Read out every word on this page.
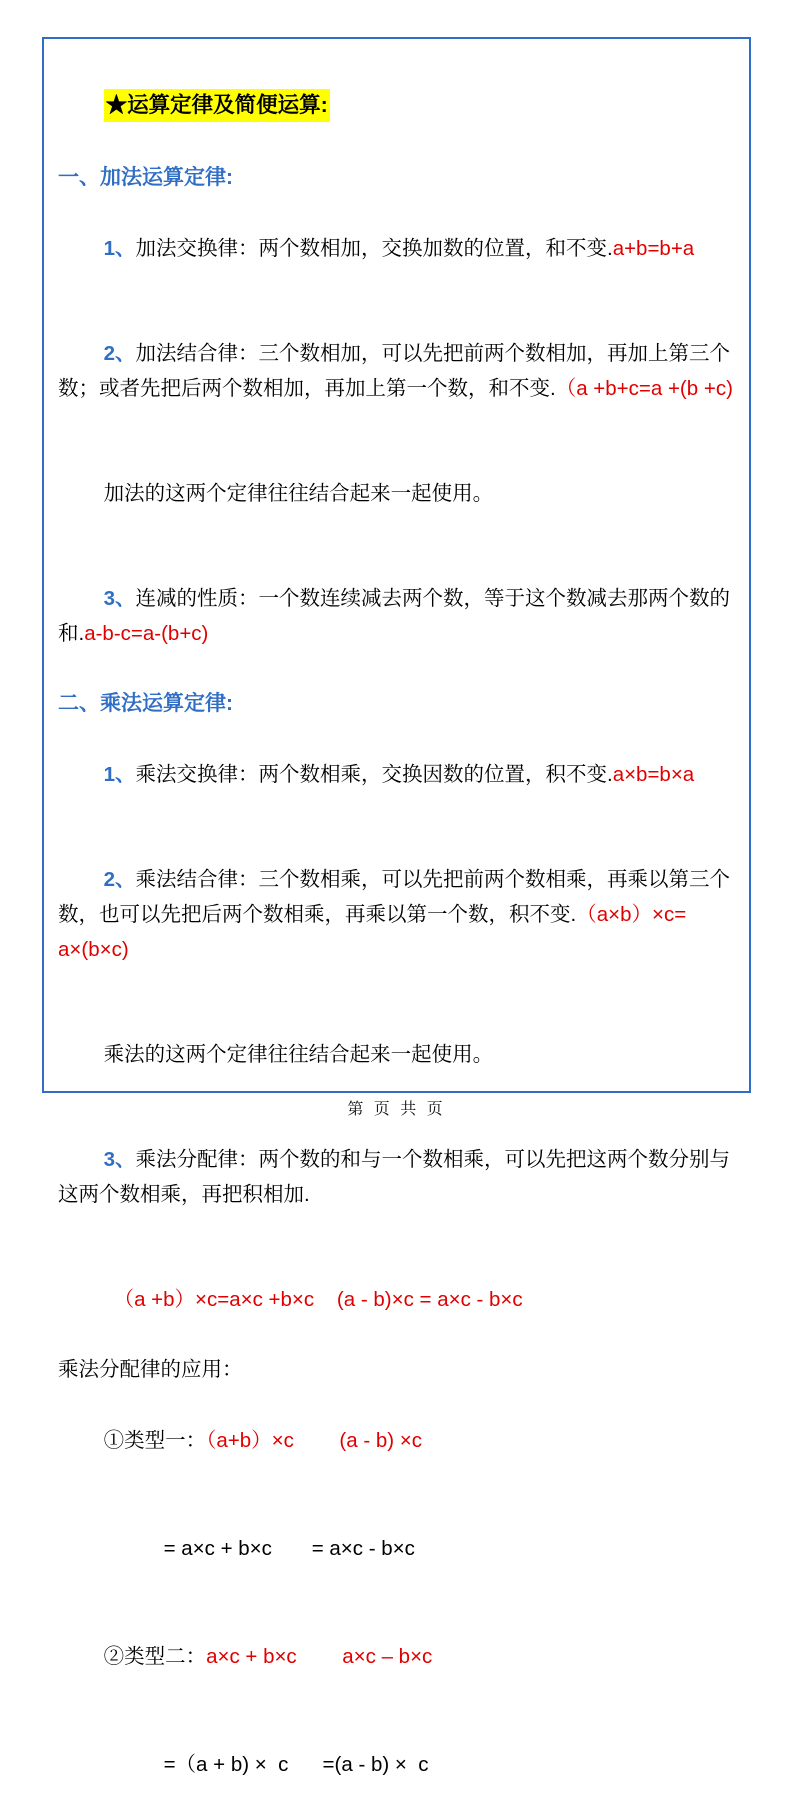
★运算定律及简便运算:

一、加法运算定律:

1、加法交换律：两个数相加，交换加数的位置，和不变.a+b=b+a

2、加法结合律：三个数相加，可以先把前两个数相加，再加上第三个数；或者先把后两个数相加，再加上第一个数，和不变.（a +b+c=a +(b +c)

加法的这两个定律往往结合起来一起使用。

3、连减的性质：一个数连续减去两个数，等于这个数减去那两个数的和.a-b-c=a-(b+c)

二、乘法运算定律:

1、乘法交换律：两个数相乘，交换因数的位置，积不变.a×b=b×a

2、乘法结合律：三个数相乘，可以先把前两个数相乘，再乘以第三个数，也可以先把后两个数相乘，再乘以第一个数，积不变.（a×b）×c= a×(b×c)

乘法的这两个定律往往结合起来一起使用。

3、乘法分配律：两个数的和与一个数相乘，可以先把这两个数分别与这两个数相乘，再把积相加.

（a +b）×c=a×c +b×c    (a - b)×c = a×c - b×c

乘法分配律的应用：

①类型一：（a+b）×c (a - b) ×c

= a×c + b×c = a×c - b×c

②类型二：a×c + b×c a×c – b×c

=（a + b) ×  c =(a - b) ×  c

第 页 共 页
